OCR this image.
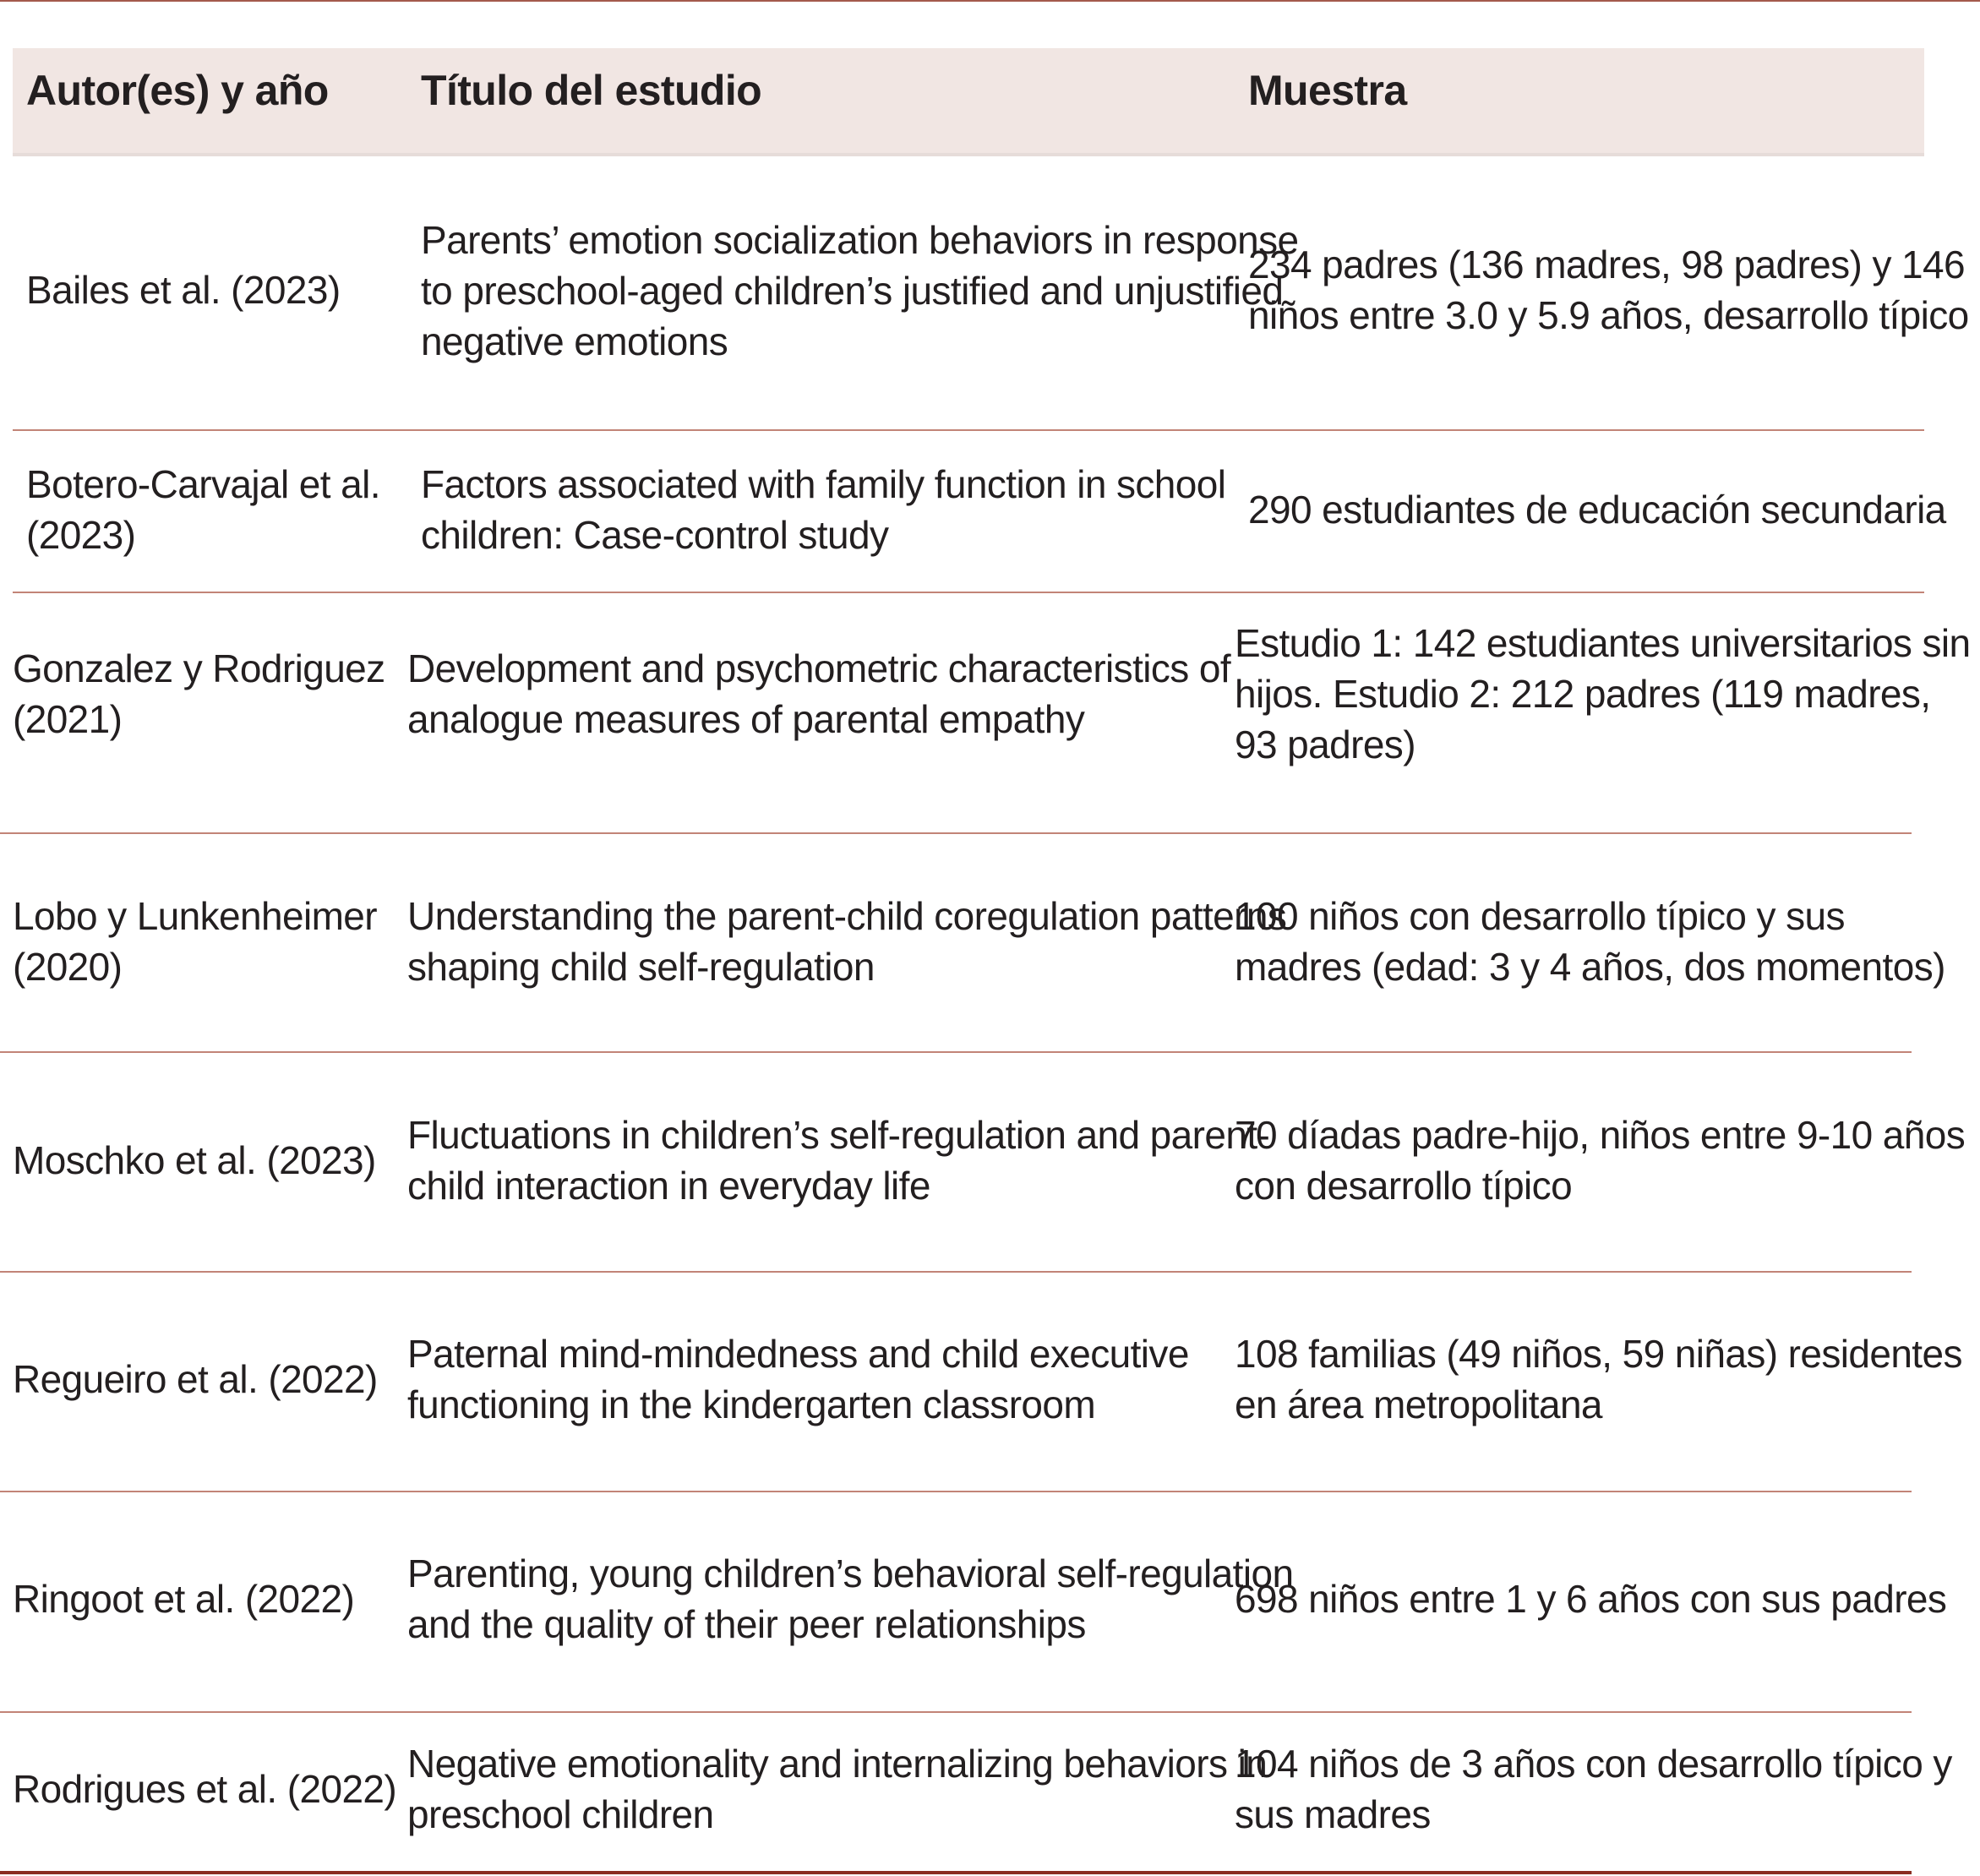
Autor(es) y año Título del estudio	Muestra
Bailes et al. (2023)
Parents’ emotion socialization behaviors in response
to preschool-aged children’s justified and unjustified
negative emotions
234 padres (136 madres, 98 padres) y 146
niños entre 3.0 y 5.9 años, desarrollo típico
Botero-Carvajal et al.
(2023)
Factors associated with family function in school
children: Case-control study
290 estudiantes de educación secundaria
Gonzalez y Rodriguez
(2021)
Development and psychometric characteristics of
analogue measures of parental empathy
Estudio 1: 142 estudiantes universitarios sin
hijos. Estudio 2: 212 padres (119 madres,
93 padres)
Lobo y Lunkenheimer
(2020)
Understanding the parent-child coregulation patterns
shaping child self-regulation
100 niños con desarrollo típico y sus
madres (edad: 3 y 4 años, dos momentos)
Moschko et al. (2023)
Fluctuations in children’s self-regulation and parent-
child interaction in everyday life
70 díadas padre-hijo, niños entre 9-10 años
con desarrollo típico
Regueiro et al. (2022)
Paternal mind-mindedness and child executive
functioning in the kindergarten classroom
108 familias (49 niños, 59 niñas) residentes
en área metropolitana
Ringoot et al. (2022)
Parenting, young children’s behavioral self-regulation
and the quality of their peer relationships
698 niños entre 1 y 6 años con sus padres
Rodrigues et al. (2022)
Negative emotionality and internalizing behaviors in
preschool children
104 niños de 3 años con desarrollo típico y
sus madres
